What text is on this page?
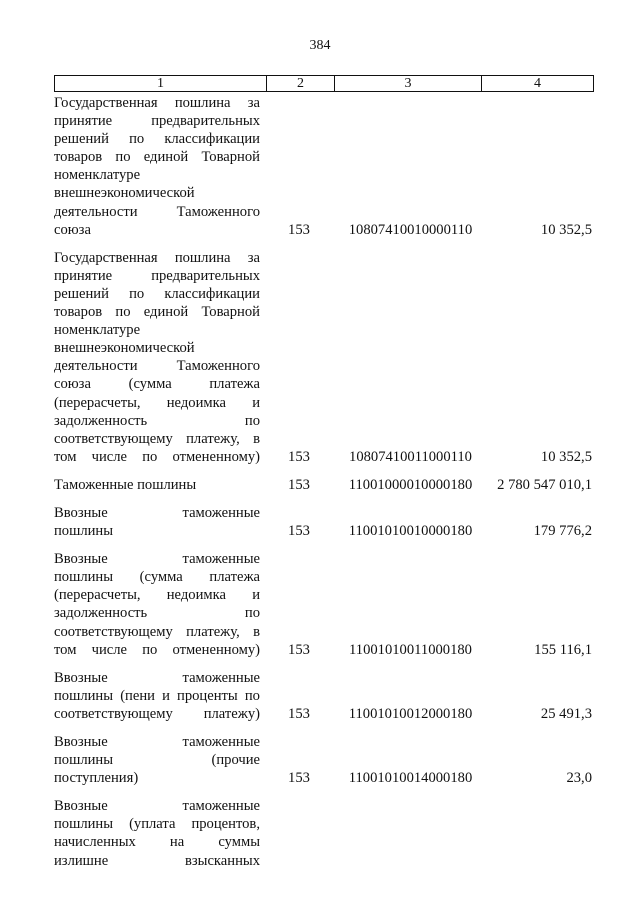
384
1	2	3	4
Государственная пошлина за
принятие	предварительных
решений по классификации
товаров по единой Товарной
номенклатуре
внешнеэкономической
деятельности	Таможенного
союза	153	10807410010000110	10 352,5
Государственная пошлина за
принятие	предварительных
решений по классификации
товаров по единой Товарной
номенклатуре
внешнеэкономической
деятельности	Таможенного
союза	(сумма	платежа
(перерасчеты, недоимка и
задолженность	по
соответствующему платежу, в
том числе по отмененному)	153	10807410011000110	10 352,5
Таможенные пошлины	153	11001000010000180	2 780 547 010,1
Ввозные	таможенные
пошлины	153	11001010010000180	179 776,2
Ввозные	таможенные
пошлины (сумма платежа
(перерасчеты, недоимка и
задолженность	по
соответствующему платежу, в
том числе по отмененному)	153	11001010011000180	155 116,1
Ввозные	таможенные
пошлины (пени и проценты по
соответствующему платежу)	153	11001010012000180	25 491,3
Ввозные	таможенные
пошлины	(прочие
поступления)	153	11001010014000180	23,0
Ввозные	таможенные
пошлины (уплата процентов,
начисленных на суммы
излишне	взысканных
